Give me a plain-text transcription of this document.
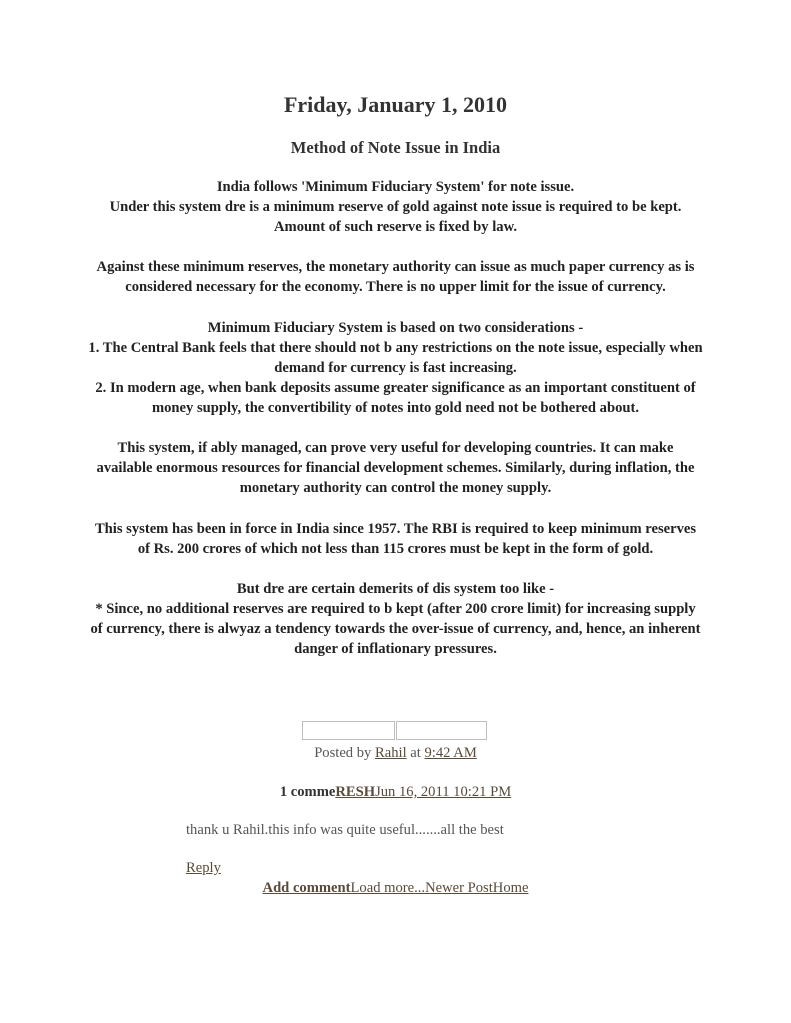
Friday, January 1, 2010
Method of Note Issue in India

India follows 'Minimum Fiduciary System' for note issue.
Under this system dre is a minimum reserve of gold against note issue is required to be kept. Amount of such reserve is fixed by law.

Against these minimum reserves, the monetary authority can issue as much paper currency as is considered necessary for the economy. There is no upper limit for the issue of currency.

Minimum Fiduciary System is based on two considerations -
1. The Central Bank feels that there should not b any restrictions on the note issue, especially when demand for currency is fast increasing.
2. In modern age, when bank deposits assume greater significance as an important constituent of money supply, the convertibility of notes into gold need not be bothered about.

This system, if ably managed, can prove very useful for developing countries. It can make available enormous resources for financial development schemes. Similarly, during inflation, the monetary authority can control the money supply.

This system has been in force in India since 1957. The RBI is required to keep minimum reserves of Rs. 200 crores of which not less than 115 crores must be kept in the form of gold.

But dre are certain demerits of dis system too like -
* Since, no additional reserves are required to b kept (after 200 crore limit) for increasing supply of currency, there is alwyaz a tendency towards the over-issue of currency, and, hence, an inherent danger of inflationary pressures.

Posted by Rahil at 9:42 AM
1 commeRESHJun 16, 2011 10:21 PM
thank u Rahil.this info was quite useful.......all the best
Reply
Add commentLoad more...Newer PostHome
